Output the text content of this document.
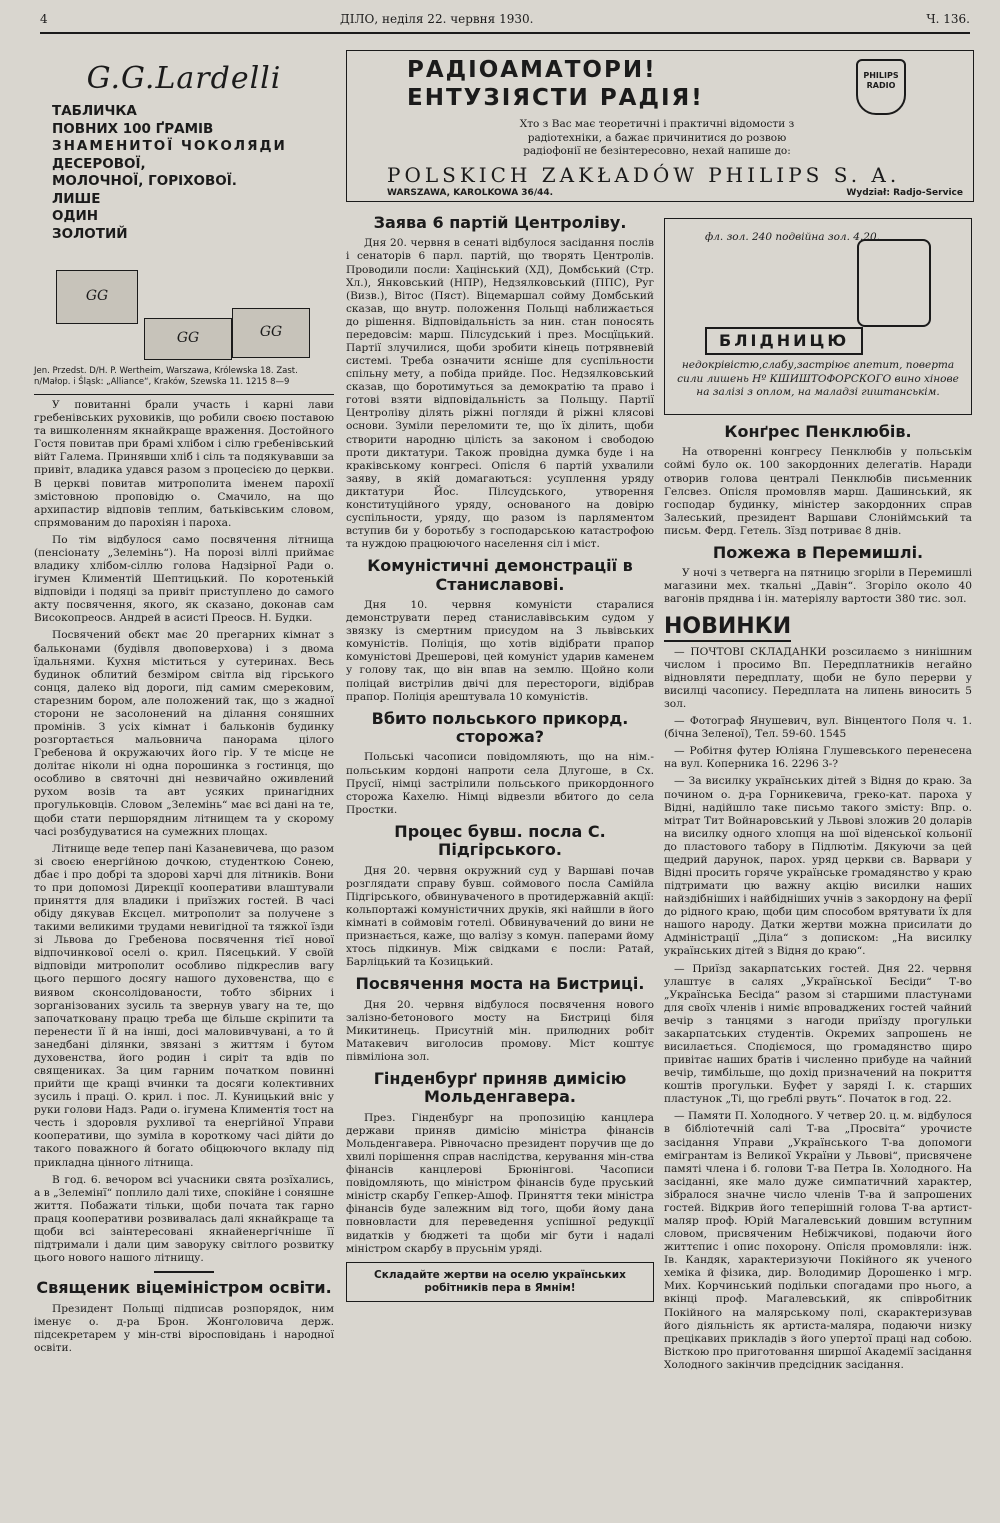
4	ДІЛО, неділя 22. червня 1930.	Ч. 136.
G.G.Lardelli

ТАБЛИЧКА

ПОВНИХ 100 ҐРАМІВ

ЗНАМЕНИТОЇ ЧОКОЛЯДИ

ДЕСЕРОВОЇ,

МОЛОЧНОЇ, ГОРІХОВОЇ.

ЛИШЕ

ОДИН

ЗОЛОТИЙ

GG
GG	GG
Jen. Przedst. D/H. P. Wertheim, Warszawa, Królewska 18. Zast. n/Małop. i Śląsk: „Alliance“, Kraków, Szewska 11. 1215 8—9

У повитанні брали участь і карні лави гребенівських руховиків, що робили своєю поставою та вишколенням якнайкраще враження. Достойного Гостя повитав при брамі хлібом і сілю гребенівський війт Галема. Принявши хліб і сіль та подякувавши за привіт, владика удався разом з процесією до церкви. В церкві повитав митрополита іменем парохії змістовною проповідю о. Смачило, на що архипастир відповів теплим, батьківським словом, спрямованим до парохіян і пароха.

По тім відбулося само посвячення літнища (пенсіонату „Зелемінь“). На порозі віллі приймає владику хлібом-сіллю голова Надзірної Ради о. ігумен Климентій Шептицький. По коротенькій відповіди і подяці за привіт приступлено до самого акту посвячення, якого, як сказано, доконав сам Високопреосв. Андрей в асисті Преосв. Н. Будки.

Посвячений обєкт має 20 прегарних кімнат з бальконами (будівля двоповерхова) і з двома їдальнями. Кухня міститься у сутеринах. Весь будинок облитий безміром світла від гірського сонця, далеко від дороги, під самим смерековим, старезним бором, але положений так, що з жадної сторони не засолонений на ділання соняшних промінів. З усіх кімнат і бальконів будинку розгортається мальовнича панорама цілого Гребенова й окружаючих його гір. У те місце не долітає ніколи ні одна порошинка з гостинця, що особливо в святочні дні незвичайно оживлений рухом возів та авт усяких принагідних прогульковців. Словом „Зелемінь“ має всі дані на те, щоби стати першорядним літнищем та у скорому часі розбудуватися на сумежних площах.

Літнище веде тепер пані Казаневичева, що разом зі своєю енергійною дочкою, студенткою Сонею, дбає і про добрі та здорові харчі для літників. Вони то при допомозі Дирекції кооперативи влаштували приняття для владики і приїзжих гостей. В часі обіду дякував Ексцел. митрополит за получене з такими великими трудами невигідної та тяжкої їзди зі Львова до Гребенова посвячення тієї нової відпочинкової оселі о. крил. Пясецький. У своїй відповіди митрополит особливо підкреслив вагу цього першого досягу нашого духовенства, що є виявом сконсолідованости, тобто збірних і зорганізованих зусиль та звернув увагу на те, що започатковану працю треба ще більше скріпити та перенести її й на інші, досі маловивчувані, а то й занедбані ділянки, звязані з життям і бутом духовенства, його родин і сиріт та вдів по священиках. За цим гарним початком повинні прийти ще кращі вчинки та досяги колективних зусиль і праці. О. крил. і пос. Л. Куницький вніс у руки голови Надз. Ради о. ігумена Климентія тост на честь і здоровля рухливої та енергійної Управи кооперативи, що зуміла в короткому часі дійти до такого поважного й богато обіцюючого вкладу під прикладна цінного літнища.

В год. 6. вечором всі учасники свята розїхались, а в „Зелемінї“ поплило далі тихе, спокійне і соняшне життя. Побажати тільки, щоби почата так гарно праця кооперативи розвивалась далі якнайкраще та щоби всі заінтересовані якнайенергічніше її підтримали і дали цим заворуку світлого розвитку цього нового нашого літнищу.

Священик віцеміністром освіти.

Президент Польщі підписав розпорядок, ним іменує о. д-ра Брон. Жонголовича держ. підсекретарем у мін-стві віросповідань і народної освіти.

РАДІОАМАТОРИ!
ЕНТУЗІЯСТИ РАДІЯ!
PHILIPS RADIO
Хто з Вас має теоретичні і практичні відомости з радіотехніки, а бажає причинитися до розвою радіофонії не безінтересовно, нехай напише до:
POLSKICH ZAKŁADÓW PHILIPS S. A.
WARSZAWA, KAROLKOWA 36/44.	Wydział: Radjo-Service
Заява 6 партій Центроліву.

Дня 20. червня в сенаті відбулося засідання послів і сенаторів 6 парл. партій, що творять Центролів. Проводили посли: Хацінський (ХД), Домбський (Стр. Хл.), Янковський (НПР), Недзялковський (ППС), Руг (Визв.), Вітос (Пяст). Віцемаршал сойму Домбський сказав, що внутр. положення Польщі наближається до рішення. Відповідальність за нин. стан поносять передовсім: марш. Пілсудський і през. Мосцїцький. Партії злучилися, щоби зробити кінець потрявневій системі. Треба означити ясніше для суспільности спільну мету, а побіда прийде. Пос. Недзялковський сказав, що боротимуться за демократію та право і готові взяти відповідальність за Польщу. Партії Центроліву ділять ріжні погляди й ріжні клясові основи. Зуміли переломити те, що їх ділить, щоби створити народню цілість за законом і свободою проти диктатури. Також провідна думка буде і на краківському конгресі. Опісля 6 партій ухвалили заяву, в якій домагаються: усуплення уряду диктатури Йос. Пілсудського, утворення конституційного уряду, основаного на довірю суспільности, уряду, що разом із парляментом вступив би у боротьбу з господарською катастрофою та нуждою працюючого населення сіл і міст.

Комуністичні демонстрації в Станиславові.

Дня 10. червня комуністи старалися демонструвати перед станиславівським судом у звязку із смертним присудом на 3 львівських комуністів. Поліція, що хотів відібрати прапор комуністові Дрешерові, цей комуніст ударив каменем у голову так, що він впав на землю. Щойно коли поліцай вистрілив двічі для перестороги, відібрав прапор. Поліція арештувала 10 комуністів.

Вбито польського прикорд. сторожа?

Польські часописи повідомляють, що на нім.-польським кордоні напроти села Длугоше, в Сх. Прусії, німці застрілили польського прикордонного сторожа Кахелю. Німці відвезли вбитого до села Простки.

Процес бувш. посла С. Підгірського.

Дня 20. червня окружний суд у Варшаві почав розглядати справу бувш. соймового посла Самійла Підгірського, обвинуваченого в протидержавній акції: кольпортажі комуністичних друків, які найшли в його кімнаті в соймовім готелі. Обвинувачений до вини не признається, каже, що валізу з комун. паперами йому хтось підкинув. Між свідками є посли: Ратай, Барліцький та Козицький.

Посвячення моста на Бистриці.

Дня 20. червня відбулося посвячення нового залізно-бетонового мосту на Бистриці біля Микитинець. Присутній мін. прилюдних робіт Матакевич виголосив промову. Міст коштує півміліона зол.

Гінденбурґ приняв димісію Мольденгавера.

През. Гінденбург на пропозицію канцлера держави приняв димісію міністра фінансів Мольденгавера. Рівночасно президент поручив ще до хвилі порішення справ наслідства, керування мін-ства фінансів канцлерові Брюнінгові. Часописи повідомляють, що міністром фінансів буде пруський міністр скарбу Гепкер-Ашоф. Приняття теки міністра фінансів буде залежним від того, щоби йому дана повновласти для переведення успішної редукції видатків у бюджеті та щоби міг бути і надалі міністром скарбу в прусьнім уряді.

Складайте жертви на оселю українських робітників пера в Ямнім!
фл. зол. 240 подвійна зол. 4.20.
БЛІДНИЦЮ
недокрівістю,слабу,застріює апетит, поверта сили лишень Нº КШИШТОФОРСКОГО вино хінове на залізі з оплом, на маладзі гиштанськім.
Конґрес Пенклюбів.

На отворенні конгресу Пенклюбів у польськім соймі було ок. 100 закордонних делегатів. Наради отворив голова централі Пенклюбів письменник Гелсвез. Опісля промовляв марш. Дашинський, як господар будинку, міністер закордонних справ Залеський, президент Варшави Слоніймський та письм. Ферд. Гетель. Зїзд потриває 8 днів.

Пожежа в Перемишлі.

У ночі з четверга на пятницю згоріли в Перемишлі магазини мех. ткальні „Давін“. Згоріло около 40 вагонів пряднва і ін. матеріялу вартости 380 тис. зол.

НОВИНКИ

— ПОЧТОВІ СКЛАДАНКИ розсилаємо з нинішним числом і просимо Вп. Передплатників негайно відновляти передплату, щоби не було перерви у висилці часопису. Передплата на липень виносить 5 зол.

— Фотограф Янушевич, вул. Вінцентого Поля ч. 1. (бічна Зеленої), Тел. 59-60. 1545

— Робітня футер Юліяна Глушевського перенесена на вул. Коперника 16. 2296 3-?

— За висилку українських дітей з Відня до краю. За почином о. д-ра Горникевича, греко-кат. пароха у Відні, надійшло таке письмо такого змісту: Впр. о. мітрат Тит Войнаровський у Львові зложив 20 доларів на висилку одного хлопця на шої віденської кольонії до пластового табору в Підлютім. Дякуючи за цей щедрий дарунок, парох. уряд церкви св. Варвари у Відні просить горяче українське громадянство у краю підтримати цю важну акцію висилки наших найздібніших і найбідніших учнів з закордону на ферії до рідного краю, щоби цим способом врятувати їх для нашого народу. Датки жертви можна присилати до Адміністрації „Діла“ з дописком: „На висилку українських дітей з Відня до краю“.

— Приїзд закарпатських гостей. Дня 22. червня улаштує в салях „Української Бесіди“ Т-во „Українська Бесіда“ разом зі старшими пластунами для своїх членів і ниміє впроваджених гостей чайний вечір з танцями з нагоди приїзду прогульки закарпатських студентів. Окремих запрошень не висилається. Сподіємося, що громадянство щиро привітає наших братів і численно прибуде на чайний вечір, тимбільше, що дохід призначений на покриття коштів прогульки. Буфет у заряді І. к. старших пластунок „Ті, що греблі рвуть“. Початок в год. 22.

— Памяти П. Холодного. У четвер 20. ц. м. відбулося в бібліотечній салі Т-ва „Просвіта“ урочисте засідання Управи „Українського Т-ва допомоги емігрантам із Великої України у Львові“, присвячене памяті члена і б. голови Т-ва Петра Ів. Холодного. На засіданні, яке мало дуже симпатичний характер, зібралося значне число членів Т-ва й запрошених гостей. Відкрив його теперішній голова Т-ва артист-маляр проф. Юрій Магалевський довшим вступним словом, присвяченим Небіжчикові, подаючи його життєпис і опис похорону. Опісля промовляли: інж. Ів. Кандяк, характеризуючи Покійного як ученого хеміка й фізика, дир. Володимир Дорошенко і мгр. Мих. Корчинський подільки спогадами про нього, а вкінці проф. Магалевський, як співробітник Покійного на малярському полі, скарактеризував його діяльність як артиста-маляра, подаючи низку прецікавих прикладів з його упертої праці над собою. Вісткою про приготовання ширшої Академії засідання Холодного закінчив предсідник засідання.
